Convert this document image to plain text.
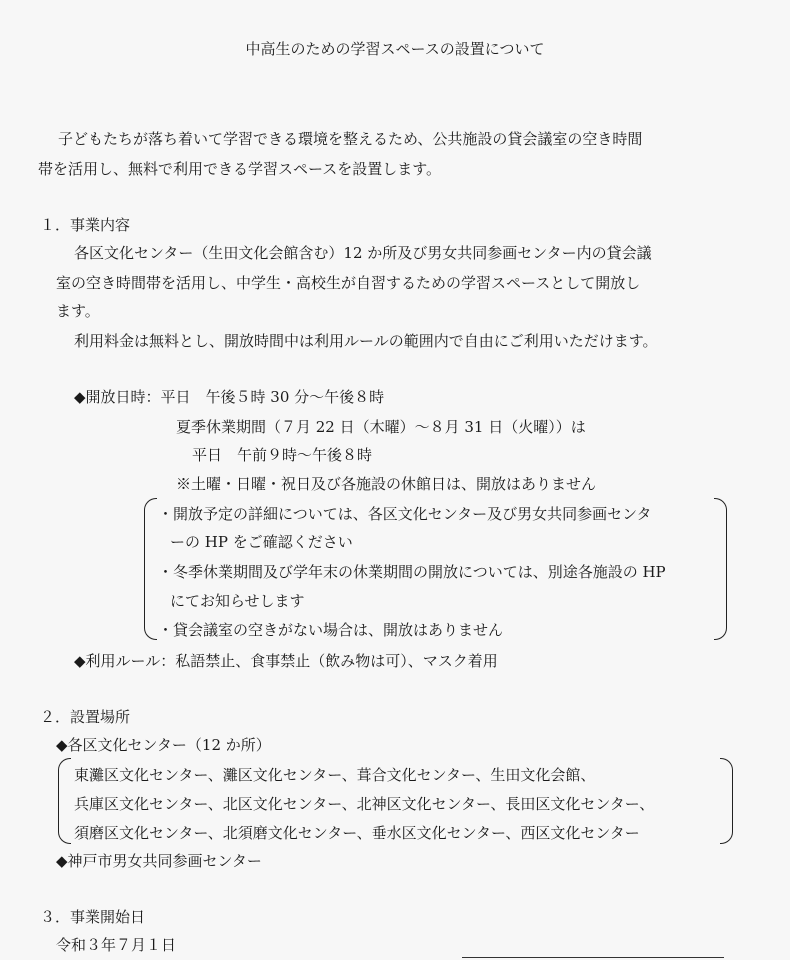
中高生のための学習スペースの設置について
子どもたちが落ち着いて学習できる環境を整えるため、公共施設の貸会議室の空き時間
帯を活用し、無料で利用できる学習スペースを設置します。
１．事業内容
各区文化センター（生田文化会館含む）12 か所及び男女共同参画センター内の貸会議
室の空き時間帯を活用し、中学生・高校生が自習するための学習スペースとして開放し
ます。
利用料金は無料とし、開放時間中は利用ルールの範囲内で自由にご利用いただけます。
◆開放日時：平日　午後５時 30 分～午後８時
夏季休業期間（７月 22 日（木曜）～８月 31 日（火曜））は
平日　午前９時～午後８時
※土曜・日曜・祝日及び各施設の休館日は、開放はありません
・開放予定の詳細については、各区文化センター及び男女共同参画センタ
ーの HP をご確認ください
・冬季休業期間及び学年末の休業期間の開放については、別途各施設の HP
にてお知らせします
・貸会議室の空きがない場合は、開放はありません
◆利用ルール：私語禁止、食事禁止（飲み物は可）、マスク着用
２．設置場所
◆各区文化センター（12 か所）
東灘区文化センター、灘区文化センター、葺合文化センター、生田文化会館、
兵庫区文化センター、北区文化センター、北神区文化センター、長田区文化センター、
須磨区文化センター、北須磨文化センター、垂水区文化センター、西区文化センター
◆神戸市男女共同参画センター
３．事業開始日
令和３年７月１日
